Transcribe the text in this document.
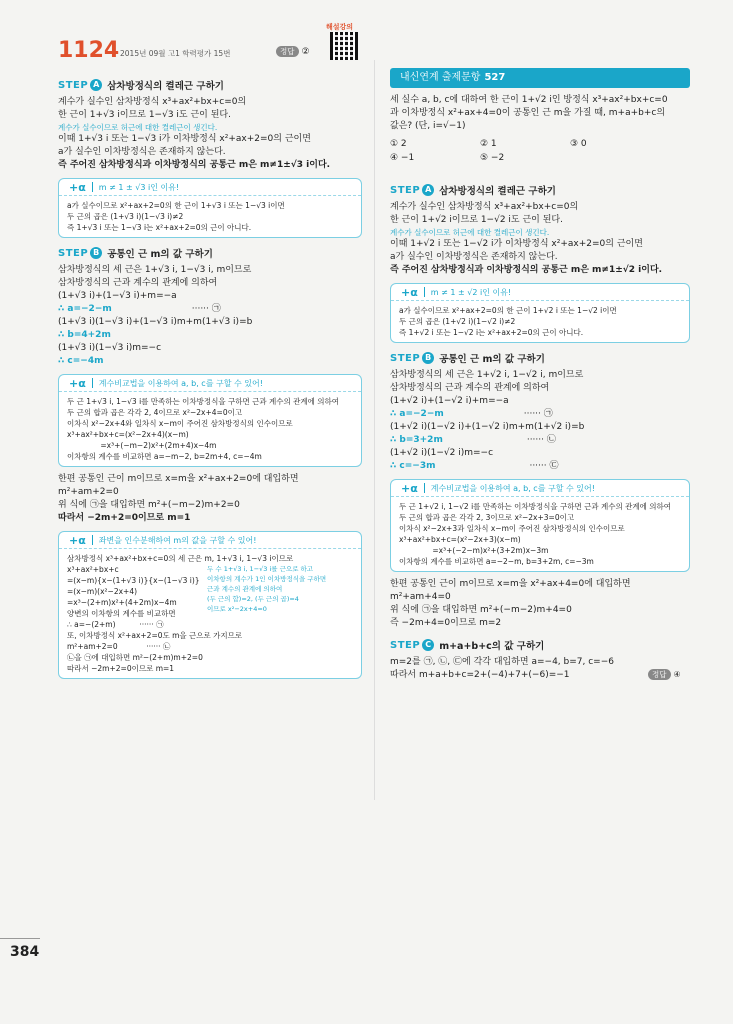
1124 2015년 09월 고1 학력평가 15번	정답 ②
해설강의
STEP A 삼차방정식의 켤레근 구하기

계수가 실수인 삼차방정식 x³+ax²+bx+c=0의

한 근이 1+√3 i이므로 1−√3 i도 근이 된다.

계수가 실수이므로 허근에 대한 켤레근이 생긴다.

이때 1+√3 i 또는 1−√3 i가 이차방정식 x²+ax+2=0의 근이면

a가 실수인 이차방정식은 존재하지 않는다.

즉 주어진 삼차방정식과 이차방정식의 공통근 m은 m≠1±√3 i이다.

+α m ≠ 1 ± √3 i인 이유!

a가 실수이므로 x²+ax+2=0의 한 근이 1+√3 i 또는 1−√3 i이면

두 근의 곱은 (1+√3 i)(1−√3 i)≠2

즉 1+√3 i 또는 1−√3 i는 x²+ax+2=0의 근이 아니다.

STEP B 공통인 근 m의 값 구하기

삼차방정식의 세 근은 1+√3 i, 1−√3 i, m이므로

삼차방정식의 근과 계수의 관계에 의하여

(1+√3 i)+(1−√3 i)+m=−a

∴ a=−2−m	······ ㉠

(1+√3 i)(1−√3 i)+(1−√3 i)m+m(1+√3 i)=b

∴ b=4+2m

(1+√3 i)(1−√3 i)m=−c

∴ c=−4m

+α 계수비교법을 이용하여 a, b, c를 구할 수 있어!

두 근 1+√3 i, 1−√3 i를 만족하는 이차방정식을 구하면 근과 계수의 관계에 의하여

두 근의 합과 곱은 각각 2, 4이므로 x²−2x+4=0이고

이차식 x²−2x+4와 일차식 x−m이 주어진 삼차방정식의 인수이므로

x³+ax²+bx+c=(x²−2x+4)(x−m)

=x³+(−m−2)x²+(2m+4)x−4m

이차항의 계수를 비교하면 a=−m−2, b=2m+4, c=−4m

한편 공통인 근이 m이므로 x=m을 x²+ax+2=0에 대입하면

m²+am+2=0

위 식에 ㉠을 대입하면 m²+(−m−2)m+2=0

따라서 −2m+2=0이므로 m=1

+α 좌변을 인수분해하여 m의 값을 구할 수 있어!

삼차방정식 x³+ax²+bx+c=0의 세 근은 m, 1+√3 i, 1−√3 i이므로

x³+ax²+bx+c

=(x−m){x−(1+√3 i)}{x−(1−√3 i)}

=(x−m)(x²−2x+4)

=x³−(2+m)x²+(4+2m)x−4m

양변의 이차항의 계수를 비교하면

∴ a=−(2+m)          ······ ㉠

또, 이차방정식 x²+ax+2=0도 m을 근으로 가지므로

m²+am+2=0            ······ ㉡

㉡을 ㉠에 대입하면 m²−(2+m)m+2=0

따라서 −2m+2=0이므로 m=1

두 수 1+√3 i, 1−√3 i를 근으로 하고

이차항의 계수가 1인 이차방정식을 구하면

근과 계수의 관계에 의하여

(두 근의 합)=2, (두 근의 곱)=4

이므로 x²−2x+4=0

내신연계 출제문항 527

세 실수 a, b, c에 대하여 한 근이 1+√2 i인 방정식 x³+ax²+bx+c=0

과 이차방정식 x²+ax+4=0이 공통인 근 m을 가질 때, m+a+b+c의

값은? (단, i=√−1)

① 2	② 1	③ 0
④ −1	⑤ −2
STEP A 삼차방정식의 켤레근 구하기

계수가 실수인 삼차방정식 x³+ax²+bx+c=0의

한 근이 1+√2 i이므로 1−√2 i도 근이 된다.

계수가 실수이므로 허근에 대한 켤레근이 생긴다.

이때 1+√2 i 또는 1−√2 i가 이차방정식 x²+ax+2=0의 근이면

a가 실수인 이차방정식은 존재하지 않는다.

즉 주어진 삼차방정식과 이차방정식의 공통근 m은 m≠1±√2 i이다.

+α m ≠ 1 ± √2 i인 이유!

a가 실수이므로 x²+ax+2=0의 한 근이 1+√2 i 또는 1−√2 i이면

두 근의 곱은 (1+√2 i)(1−√2 i)≠2

즉 1+√2 i 또는 1−√2 i는 x²+ax+2=0의 근이 아니다.

STEP B 공통인 근 m의 값 구하기

삼차방정식의 세 근은 1+√2 i, 1−√2 i, m이므로

삼차방정식의 근과 계수의 관계에 의하여

(1+√2 i)+(1−√2 i)+m=−a

∴ a=−2−m	······ ㉠

(1+√2 i)(1−√2 i)+(1−√2 i)m+m(1+√2 i)=b

∴ b=3+2m	······ ㉡

(1+√2 i)(1−√2 i)m=−c

∴ c=−3m	······ ㉢

+α 계수비교법을 이용하여 a, b, c를 구할 수 있어!

두 근 1+√2 i, 1−√2 i를 만족하는 이차방정식을 구하면 근과 계수의 관계에 의하여

두 근의 합과 곱은 각각 2, 3이므로 x²−2x+3=0이고

이차식 x²−2x+3과 일차식 x−m이 주어진 삼차방정식의 인수이므로

x³+ax²+bx+c=(x²−2x+3)(x−m)

=x³+(−2−m)x²+(3+2m)x−3m

이차항의 계수를 비교하면 a=−2−m, b=3+2m, c=−3m

한편 공통인 근이 m이므로 x=m을 x²+ax+4=0에 대입하면

m²+am+4=0

위 식에 ㉠을 대입하면 m²+(−m−2)m+4=0

즉 −2m+4=0이므로 m=2

STEP C m+a+b+c의 값 구하기

m=2를 ㉠, ㉡, ㉢에 각각 대입하면 a=−4, b=7, c=−6

따라서 m+a+b+c=2+(−4)+7+(−6)=−1	정답 ④
384
